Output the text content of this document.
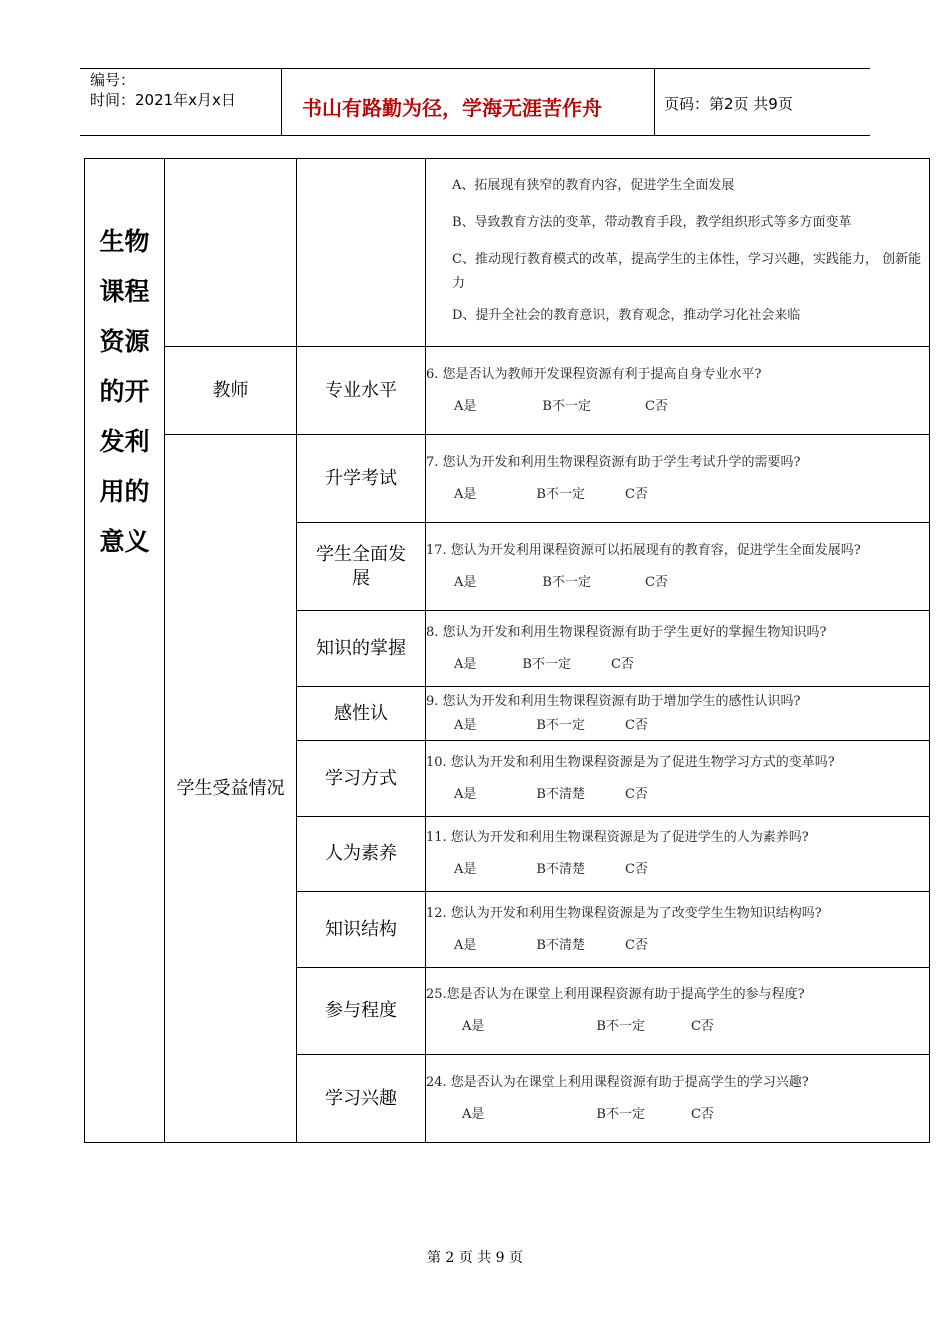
编号：
时间：2021年x月x日	书山有路勤为径，学海无涯苦作舟	页码：第2页 共9页
生物课程资源的开发利用的意义			A、拓展现有狭窄的教育内容，促进学生全面发展
B、导致教育方法的变革，带动教育手段，教学组织形式等多方面变革
C、推动现行教育模式的改革，提高学生的主体性，学习兴趣，实践能力， 创新能力
D、提升全社会的教育意识，教育观念，推动学习化社会来临

	教师	专业水平	6. 您是否认为教师开发课程资源有利于提高自身专业水平?
A是 B不一定 C否

	学生受益情况	升学考试	7. 您认为开发和利用生物课程资源有助于学生考试升学的需要吗?
A是 B不一定 C否

		学生全面发展	17. 您认为开发利用课程资源可以拓展现有的教育容，促进学生全面发展吗?
A是 B不一定 C否

		知识的掌握	8. 您认为开发和利用生物课程资源有助于学生更好的掌握生物知识吗?
A是 B不一定 C否

		感性认	9. 您认为开发和利用生物课程资源有助于增加学生的感性认识吗?
A是 B不一定 C否

		学习方式	10. 您认为开发和利用生物课程资源是为了促进生物学习方式的变革吗?
A是 B不清楚 C否

		人为素养	11. 您认为开发和利用生物课程资源是为了促进学生的人为素养吗?
A是 B不清楚 C否

		知识结构	12. 您认为开发和利用生物课程资源是为了改变学生生物知识结构吗?
A是 B不清楚 C否

		参与程度	25.您是否认为在课堂上利用课程资源有助于提高学生的参与程度?
A是 B不一定 C否

		学习兴趣	24. 您是否认为在课堂上利用课程资源有助于提高学生的学习兴趣?
A是 B不一定 C否
第 2 页 共 9 页
